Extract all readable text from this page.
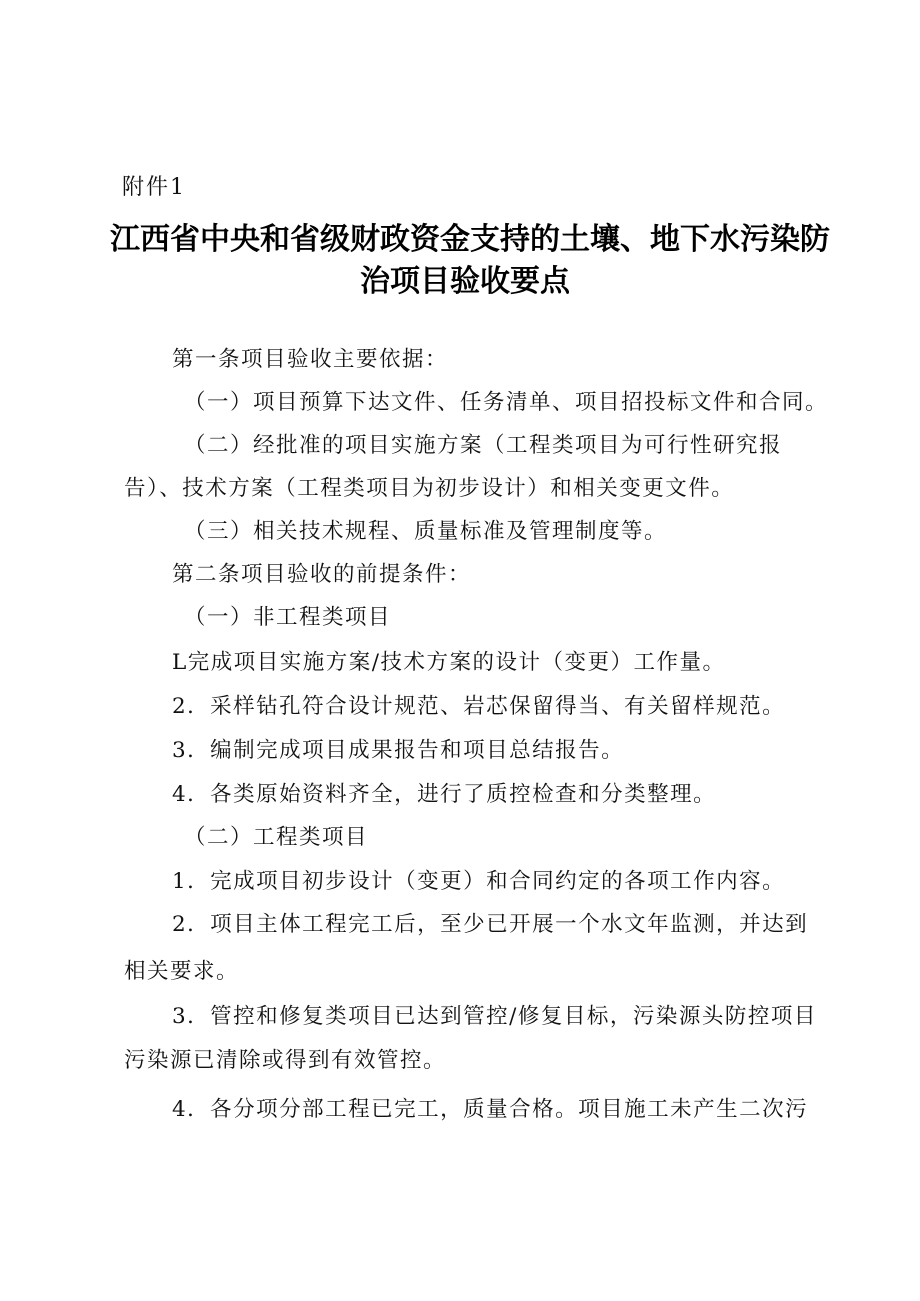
附件1
江西省中央和省级财政资金支持的土壤、地下水污染防
治项目验收要点
第一条项目验收主要依据：
（一）项目预算下达文件、任务清单、项目招投标文件和合同。
（二）经批准的项目实施方案（工程类项目为可行性研究报
告）、技术方案（工程类项目为初步设计）和相关变更文件。
（三）相关技术规程、质量标准及管理制度等。
第二条项目验收的前提条件：
（一）非工程类项目
L完成项目实施方案/技术方案的设计（变更）工作量。
2．采样钻孔符合设计规范、岩芯保留得当、有关留样规范。
3．编制完成项目成果报告和项目总结报告。
4．各类原始资料齐全，进行了质控检查和分类整理。
（二）工程类项目
1．完成项目初步设计（变更）和合同约定的各项工作内容。
2．项目主体工程完工后，至少已开展一个水文年监测，并达到
相关要求。
3．管控和修复类项目已达到管控/修复目标，污染源头防控项目
污染源已清除或得到有效管控。
4．各分项分部工程已完工，质量合格。项目施工未产生二次污
